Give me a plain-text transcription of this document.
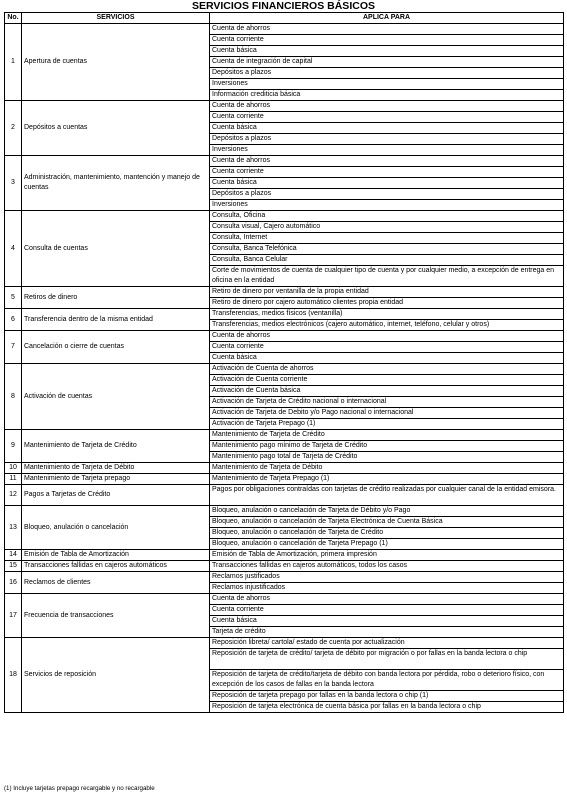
SERVICIOS FINANCIEROS BÁSICOS
No.	SERVICIOS	APLICA PARA
1	Apertura de cuentas	Cuenta de ahorros
		Cuenta corriente
		Cuenta básica
		Cuenta de integración de capital
		Depósitos a plazos
		Inversiones
		Información crediticia básica
2	Depósitos a cuentas	Cuenta de ahorros
		Cuenta corriente
		Cuenta básica
		Depósitos a plazos
		Inversiones
3	Administración, mantenimiento, mantención y manejo de cuentas	Cuenta de ahorros
		Cuenta corriente
		Cuenta básica
		Depósitos a plazos
		Inversiones
4	Consulta de cuentas	Consulta, Oficina
		Consulta visual, Cajero automático
		Consulta, Internet
		Consulta, Banca Telefónica
		Consulta, Banca Celular

		Corte de movimientos de cuenta de cualquier tipo de cuenta y por cualquier medio, a excepción de entrega en oficina en la entidad

5	Retiros de dinero	Retiro de dinero por ventanilla de la propia entidad
		Retiro de dinero por cajero automático clientes propia entidad
6	Transferencia dentro de la misma entidad	Transferencias, medios físicos (ventanilla)
		Transferencias, medios electrónicos (cajero automático, internet, teléfono, celular y otros)
7	Cancelación o cierre de cuentas	Cuenta de ahorros
		Cuenta corriente
		Cuenta básica
8	Activación de cuentas	Activación de Cuenta de ahorros
		Activación de Cuenta corriente
		Activación de Cuenta básica
		Activación de Tarjeta de Crédito nacional o internacional
		Activación de Tarjeta de Debito y/o Pago nacional o internacional
		Activación de Tarjeta Prepago (1)
9	Mantenimiento de Tarjeta de Crédito	Mantenimiento de Tarjeta de Crédito
		Mantenimiento pago mínimo de Tarjeta de Crédito
		Mantenimiento pago total de Tarjeta de Crédito
10	Mantenimiento de Tarjeta de Débito	Mantenimiento de Tarjeta de Débito
11	Mantenimiento de Tarjeta prepago	Mantenimiento de Tarjeta Prepago (1)
12	Pagos a Tarjetas de Crédito	Pagos por obligaciones contraídas con tarjetas de crédito realizadas por cualquier canal de la entidad emisora.

13	Bloqueo, anulación o cancelación	Bloqueo, anulación o cancelación de Tarjeta de Débito y/o Pago
		Bloqueo, anulación o cancelación de Tarjeta Electrónica de Cuenta Básica
		Bloqueo, anulación o cancelación de Tarjeta de Crédito
		Bloqueo, anulación o cancelación de Tarjeta Prepago (1)
14	Emisión de Tabla de Amortización	Emisión de Tabla de Amortización, primera impresión
15	Transacciones fallidas en cajeros automáticos	Transacciones fallidas en cajeros automáticos, todos los casos
16	Reclamos de clientes	Reclamos justificados
		Reclamos injustificados
17	Frecuencia de transacciones	Cuenta de ahorros
		Cuenta corriente
		Cuenta básica
		Tarjeta de crédito
18	Servicios de reposición	Reposición libreta/ cartola/ estado de cuenta por actualización

		Reposición de tarjeta de crédito/ tarjeta de débito por migración o por fallas en la banda lectora o chip

		Reposición de tarjeta de crédito/tarjeta de débito con banda lectora por pérdida, robo o deterioro físico, con excepción de los casos de fallas en la banda lectora

		Reposición de tarjeta prepago por fallas en la banda lectora o chip (1)
		Reposición de tarjeta electrónica de cuenta básica por fallas en la banda lectora o chip
(1) Incluye tarjetas prepago recargable y no recargable
